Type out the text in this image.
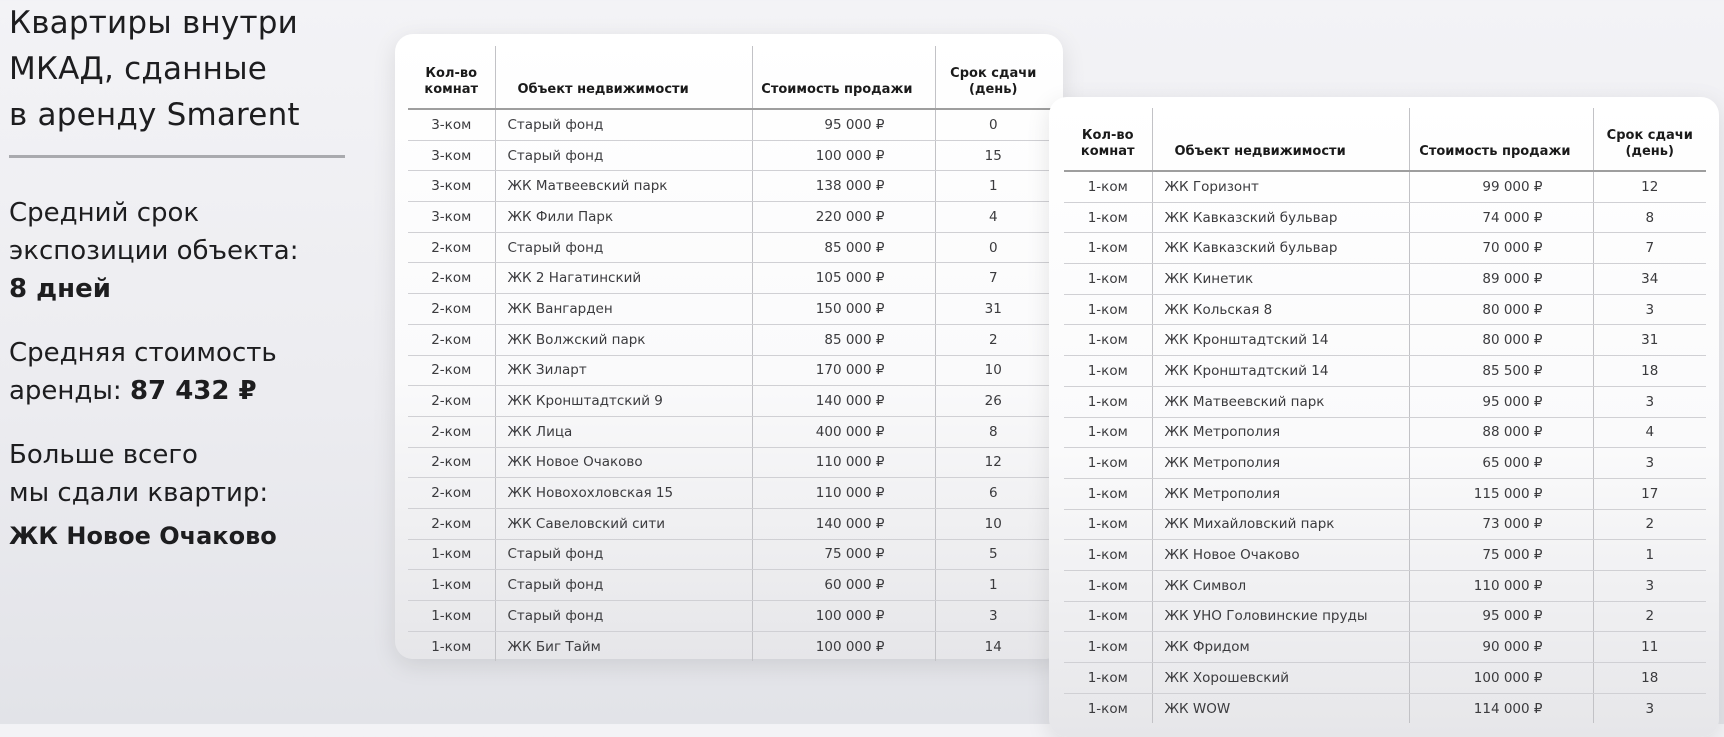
Квартиры внутри
МКАД, сданные
в аренду Smarent

Средний срок
экспозиции объекта:
8 дней

Средняя стоимость
аренды: 87 432 ₽

Больше всего
мы сдали квартир:

ЖК Новое Очаково
Кол-во комнат	Объект недвижимости	Стоимость продажи	Срок сдачи (день)
3-ком	Старый фонд	95 000 ₽	0
3-ком	Старый фонд	100 000 ₽	15
3-ком	ЖК Матвеевский парк	138 000 ₽	1
3-ком	ЖК Фили Парк	220 000 ₽	4
2-ком	Старый фонд	85 000 ₽	0
2-ком	ЖК 2 Нагатинский	105 000 ₽	7
2-ком	ЖК Вангарден	150 000 ₽	31
2-ком	ЖК Волжский парк	85 000 ₽	2
2-ком	ЖК Зиларт	170 000 ₽	10
2-ком	ЖК Кронштадтский 9	140 000 ₽	26
2-ком	ЖК Лица	400 000 ₽	8
2-ком	ЖК Новое Очаково	110 000 ₽	12
2-ком	ЖК Новохохловская 15	110 000 ₽	6
2-ком	ЖК Савеловский сити	140 000 ₽	10
1-ком	Старый фонд	75 000 ₽	5
1-ком	Старый фонд	60 000 ₽	1
1-ком	Старый фонд	100 000 ₽	3
1-ком	ЖК Биг Тайм	100 000 ₽	14
Кол-во комнат	Объект недвижимости	Стоимость продажи	Срок сдачи (день)
1-ком	ЖК Горизонт	99 000 ₽	12
1-ком	ЖК Кавказский бульвар	74 000 ₽	8
1-ком	ЖК Кавказский бульвар	70 000 ₽	7
1-ком	ЖК Кинетик	89 000 ₽	34
1-ком	ЖК Кольская 8	80 000 ₽	3
1-ком	ЖК Кронштадтский 14	80 000 ₽	31
1-ком	ЖК Кронштадтский 14	85 500 ₽	18
1-ком	ЖК Матвеевский парк	95 000 ₽	3
1-ком	ЖК Метрополия	88 000 ₽	4
1-ком	ЖК Метрополия	65 000 ₽	3
1-ком	ЖК Метрополия	115 000 ₽	17
1-ком	ЖК Михайловский парк	73 000 ₽	2
1-ком	ЖК Новое Очаково	75 000 ₽	1
1-ком	ЖК Символ	110 000 ₽	3
1-ком	ЖК УНО Головинские пруды	95 000 ₽	2
1-ком	ЖК Фридом	90 000 ₽	11
1-ком	ЖК Хорошевский	100 000 ₽	18
1-ком	ЖК WOW	114 000 ₽	3
